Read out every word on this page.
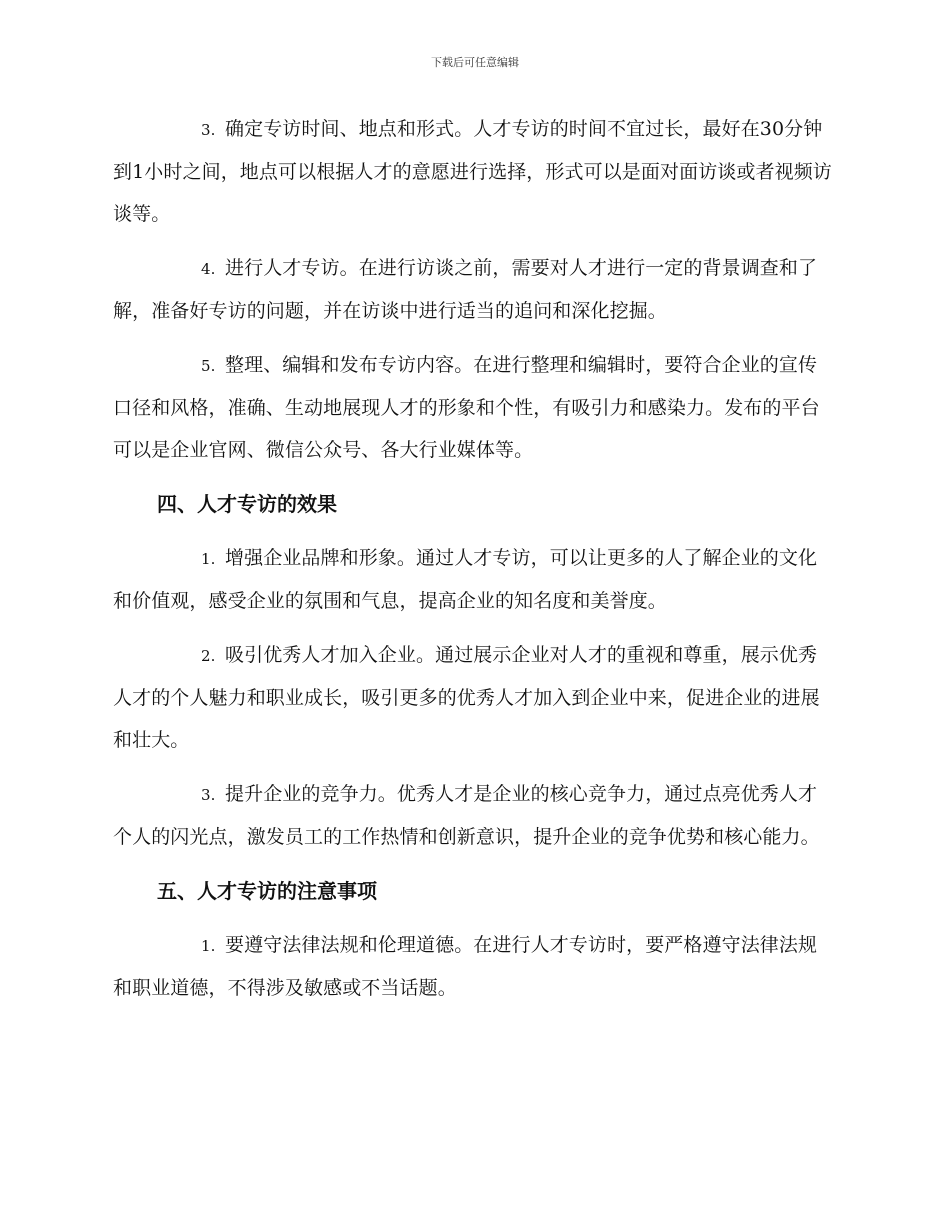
下载后可任意编辑

3. 确定专访时间、地点和形式。人才专访的时间不宜过长，最好在30分钟到1小时之间，地点可以根据人才的意愿进行选择，形式可以是面对面访谈或者视频访谈等。

4. 进行人才专访。在进行访谈之前，需要对人才进行一定的背景调查和了解，准备好专访的问题，并在访谈中进行适当的追问和深化挖掘。

5. 整理、编辑和发布专访内容。在进行整理和编辑时，要符合企业的宣传口径和风格，准确、生动地展现人才的形象和个性，有吸引力和感染力。发布的平台可以是企业官网、微信公众号、各大行业媒体等。

四、人才专访的效果

1. 增强企业品牌和形象。通过人才专访，可以让更多的人了解企业的文化和价值观，感受企业的氛围和气息，提高企业的知名度和美誉度。

2. 吸引优秀人才加入企业。通过展示企业对人才的重视和尊重，展示优秀人才的个人魅力和职业成长，吸引更多的优秀人才加入到企业中来，促进企业的进展和壮大。

3. 提升企业的竞争力。优秀人才是企业的核心竞争力，通过点亮优秀人才个人的闪光点，激发员工的工作热情和创新意识，提升企业的竞争优势和核心能力。

五、人才专访的注意事项

1. 要遵守法律法规和伦理道德。在进行人才专访时，要严格遵守法律法规和职业道德，不得涉及敏感或不当话题。
